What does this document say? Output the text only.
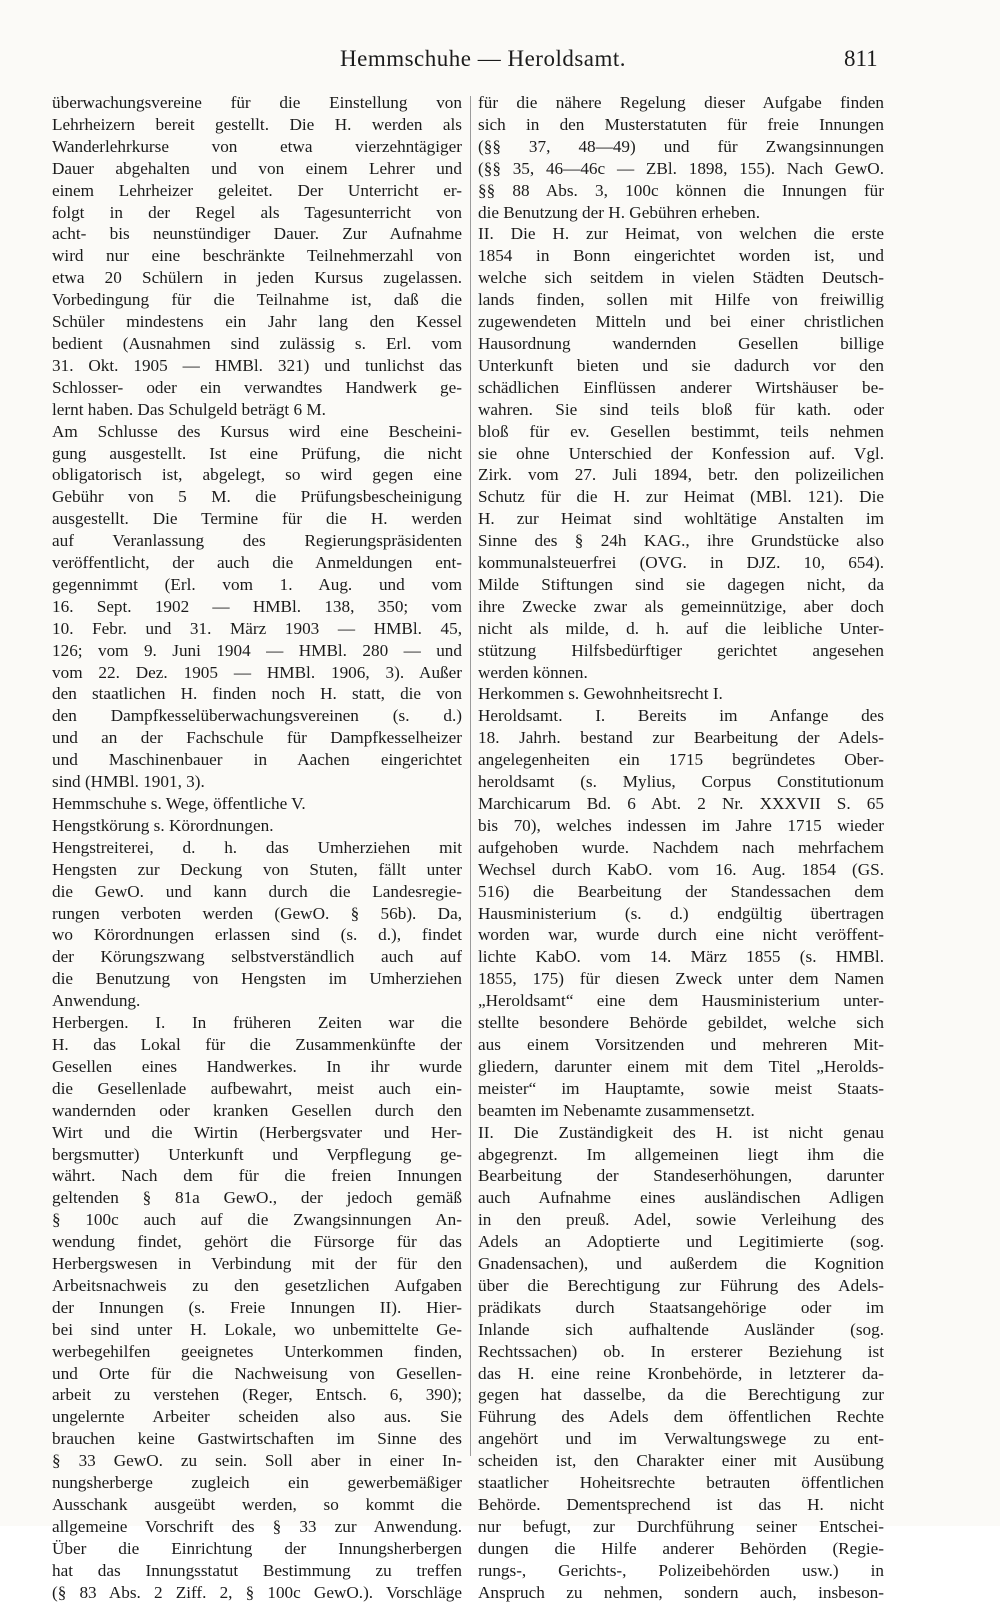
Hemmschuhe — Heroldsamt.	811
überwachungsvereine für die Einstellung von
Lehrheizern bereit gestellt. Die H. werden als
Wanderlehrkurse von etwa vierzehntägiger
Dauer abgehalten und von einem Lehrer und
einem Lehrheizer geleitet. Der Unterricht er-
folgt in der Regel als Tagesunterricht von
acht- bis neunstündiger Dauer. Zur Aufnahme
wird nur eine beschränkte Teilnehmerzahl von
etwa 20 Schülern in jeden Kursus zugelassen.
Vorbedingung für die Teilnahme ist, daß die
Schüler mindestens ein Jahr lang den Kessel
bedient (Ausnahmen sind zulässig s. Erl. vom
31. Okt. 1905 — HMBl. 321) und tunlichst das
Schlosser- oder ein verwandtes Handwerk ge-
lernt haben. Das Schulgeld beträgt 6 M.
Am Schlusse des Kursus wird eine Bescheini-
gung ausgestellt. Ist eine Prüfung, die nicht
obligatorisch ist, abgelegt, so wird gegen eine
Gebühr von 5 M. die Prüfungsbescheinigung
ausgestellt. Die Termine für die H. werden
auf Veranlassung des Regierungspräsidenten
veröffentlicht, der auch die Anmeldungen ent-
gegennimmt (Erl. vom 1. Aug. und vom
16. Sept. 1902 — HMBl. 138, 350; vom
10. Febr. und 31. März 1903 — HMBl. 45,
126; vom 9. Juni 1904 — HMBl. 280 — und
vom 22. Dez. 1905 — HMBl. 1906, 3). Außer
den staatlichen H. finden noch H. statt, die von
den Dampfkesselüberwachungsvereinen (s. d.)
und an der Fachschule für Dampfkesselheizer
und Maschinenbauer in Aachen eingerichtet
sind (HMBl. 1901, 3).
Hemmschuhe s. Wege, öffentliche V.
Hengstkörung s. Körordnungen.
Hengstreiterei, d. h. das Umherziehen mit
Hengsten zur Deckung von Stuten, fällt unter
die GewO. und kann durch die Landesregie-
rungen verboten werden (GewO. § 56b). Da,
wo Körordnungen erlassen sind (s. d.), findet
der Körungszwang selbstverständlich auch auf
die Benutzung von Hengsten im Umherziehen
Anwendung.
Herbergen. I. In früheren Zeiten war die
H. das Lokal für die Zusammenkünfte der
Gesellen eines Handwerkes. In ihr wurde
die Gesellenlade aufbewahrt, meist auch ein-
wandernden oder kranken Gesellen durch den
Wirt und die Wirtin (Herbergsvater und Her-
bergsmutter) Unterkunft und Verpflegung ge-
währt. Nach dem für die freien Innungen
geltenden § 81a GewO., der jedoch gemäß
§ 100c auch auf die Zwangsinnungen An-
wendung findet, gehört die Fürsorge für das
Herbergswesen in Verbindung mit der für den
Arbeitsnachweis zu den gesetzlichen Aufgaben
der Innungen (s. Freie Innungen II). Hier-
bei sind unter H. Lokale, wo unbemittelte Ge-
werbegehilfen geeignetes Unterkommen finden,
und Orte für die Nachweisung von Gesellen-
arbeit zu verstehen (Reger, Entsch. 6, 390);
ungelernte Arbeiter scheiden also aus. Sie
brauchen keine Gastwirtschaften im Sinne des
§ 33 GewO. zu sein. Soll aber in einer In-
nungsherberge zugleich ein gewerbemäßiger
Ausschank ausgeübt werden, so kommt die
allgemeine Vorschrift des § 33 zur Anwendung.
Über die Einrichtung der Innungsherbergen
hat das Innungsstatut Bestimmung zu treffen
(§ 83 Abs. 2 Ziff. 2, § 100c GewO.). Vorschläge
für die nähere Regelung dieser Aufgabe finden
sich in den Musterstatuten für freie Innungen
(§§ 37, 48—49) und für Zwangsinnungen
(§§ 35, 46—46c — ZBl. 1898, 155). Nach GewO.
§§ 88 Abs. 3, 100c können die Innungen für
die Benutzung der H. Gebühren erheben.
II. Die H. zur Heimat, von welchen die erste
1854 in Bonn eingerichtet worden ist, und
welche sich seitdem in vielen Städten Deutsch-
lands finden, sollen mit Hilfe von freiwillig
zugewendeten Mitteln und bei einer christlichen
Hausordnung wandernden Gesellen billige
Unterkunft bieten und sie dadurch vor den
schädlichen Einflüssen anderer Wirtshäuser be-
wahren. Sie sind teils bloß für kath. oder
bloß für ev. Gesellen bestimmt, teils nehmen
sie ohne Unterschied der Konfession auf. Vgl.
Zirk. vom 27. Juli 1894, betr. den polizeilichen
Schutz für die H. zur Heimat (MBl. 121). Die
H. zur Heimat sind wohltätige Anstalten im
Sinne des § 24h KAG., ihre Grundstücke also
kommunalsteuerfrei (OVG. in DJZ. 10, 654).
Milde Stiftungen sind sie dagegen nicht, da
ihre Zwecke zwar als gemeinnützige, aber doch
nicht als milde, d. h. auf die leibliche Unter-
stützung Hilfsbedürftiger gerichtet angesehen
werden können.
Herkommen s. Gewohnheitsrecht I.
Heroldsamt. I. Bereits im Anfange des
18. Jahrh. bestand zur Bearbeitung der Adels-
angelegenheiten ein 1715 begründetes Ober-
heroldsamt (s. Mylius, Corpus Constitutionum
Marchicarum Bd. 6 Abt. 2 Nr. XXXVII S. 65
bis 70), welches indessen im Jahre 1715 wieder
aufgehoben wurde. Nachdem nach mehrfachem
Wechsel durch KabO. vom 16. Aug. 1854 (GS.
516) die Bearbeitung der Standessachen dem
Hausministerium (s. d.) endgültig übertragen
worden war, wurde durch eine nicht veröffent-
lichte KabO. vom 14. März 1855 (s. HMBl.
1855, 175) für diesen Zweck unter dem Namen
„Heroldsamt“ eine dem Hausministerium unter-
stellte besondere Behörde gebildet, welche sich
aus einem Vorsitzenden und mehreren Mit-
gliedern, darunter einem mit dem Titel „Herolds-
meister“ im Hauptamte, sowie meist Staats-
beamten im Nebenamte zusammensetzt.
II. Die Zuständigkeit des H. ist nicht genau
abgegrenzt. Im allgemeinen liegt ihm die
Bearbeitung der Standeserhöhungen, darunter
auch Aufnahme eines ausländischen Adligen
in den preuß. Adel, sowie Verleihung des
Adels an Adoptierte und Legitimierte (sog.
Gnadensachen), und außerdem die Kognition
über die Berechtigung zur Führung des Adels-
prädikats durch Staatsangehörige oder im
Inlande sich aufhaltende Ausländer (sog.
Rechtssachen) ob. In ersterer Beziehung ist
das H. eine reine Kronbehörde, in letzterer da-
gegen hat dasselbe, da die Berechtigung zur
Führung des Adels dem öffentlichen Rechte
angehört und im Verwaltungswege zu ent-
scheiden ist, den Charakter einer mit Ausübung
staatlicher Hoheitsrechte betrauten öffentlichen
Behörde. Dementsprechend ist das H. nicht
nur befugt, zur Durchführung seiner Entschei-
dungen die Hilfe anderer Behörden (Regie-
rungs-, Gerichts-, Polizeibehörden usw.) in
Anspruch zu nehmen, sondern auch, insbeson-
